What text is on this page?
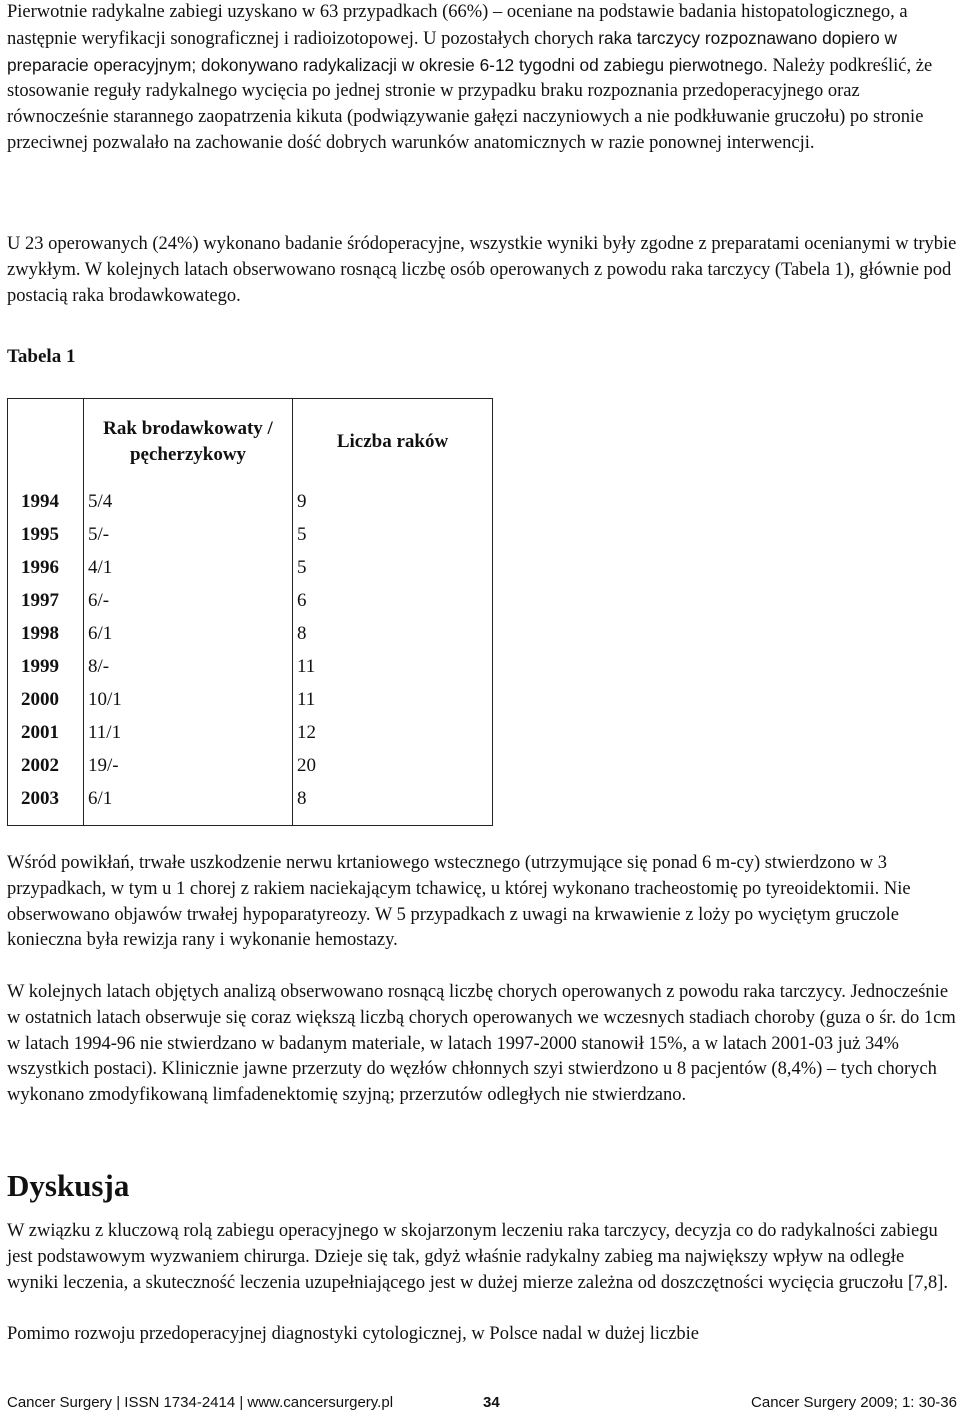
Pierwotnie radykalne zabiegi uzyskano w 63 przypadkach (66%) – oceniane na podstawie badania histopatologicznego, a następnie weryfikacji sonograficznej i radioizotopowej. U pozostałych chorych raka tarczycy rozpoznawano dopiero w preparacie operacyjnym; dokonywano radykalizacji w okresie 6-12 tygodni od zabiegu pierwotnego. Należy podkreślić, że stosowanie reguły radykalnego wycięcia po jednej stronie w przypadku braku rozpoznania przedoperacyjnego oraz równocześnie starannego zaopatrzenia kikuta (podwiązywanie gałęzi naczyniowych a nie podkłuwanie gruczołu) po stronie przeciwnej pozwalało na zachowanie dość dobrych warunków anatomicznych w razie ponownej interwencji.

U 23 operowanych (24%) wykonano badanie śródoperacyjne, wszystkie wyniki były zgodne z preparatami ocenianymi w trybie zwykłym. W kolejnych latach obserwowano rosnącą liczbę osób operowanych z powodu raka tarczycy (Tabela 1), głównie pod postacią raka brodawkowatego.

Tabela 1
	Rak brodawkowaty / pęcherzykowy	Liczba raków
1994	5/4	9
1995	5/-	5
1996	4/1	5
1997	6/-	6
1998	6/1	8
1999	8/-	11
2000	10/1	11
2001	11/1	12
2002	19/-	20
2003	6/1	8

Wśród powikłań, trwałe uszkodzenie nerwu krtaniowego wstecznego (utrzymujące się ponad 6 m-cy) stwierdzono w 3 przypadkach, w tym u 1 chorej z rakiem naciekającym tchawicę, u której wykonano tracheostomię po tyreoidektomii. Nie obserwowano objawów trwałej hypoparatyreozy. W 5 przypadkach z uwagi na krwawienie z loży po wyciętym gruczole konieczna była rewizja rany i wykonanie hemostazy.

W kolejnych latach objętych analizą obserwowano rosnącą liczbę chorych operowanych z powodu raka tarczycy. Jednocześnie w ostatnich latach obserwuje się coraz większą liczbą chorych operowanych we wczesnych stadiach choroby (guza o śr. do 1cm w latach 1994-96 nie stwierdzano w badanym materiale, w latach 1997-2000 stanowił 15%, a w latach 2001-03 już 34% wszystkich postaci). Klinicznie jawne przerzuty do węzłów chłonnych szyi stwierdzono u 8 pacjentów (8,4%) – tych chorych wykonano zmodyfikowaną limfadenektomię szyjną; przerzutów odległych nie stwierdzano.

Dyskusja

W związku z kluczową rolą zabiegu operacyjnego w skojarzonym leczeniu raka tarczycy, decyzja co do radykalności zabiegu jest podstawowym wyzwaniem chirurga. Dzieje się tak, gdyż właśnie radykalny zabieg ma największy wpływ na odległe wyniki leczenia, a skuteczność leczenia uzupełniającego jest w dużej mierze zależna od doszczętności wycięcia gruczołu [7,8].

Pomimo rozwoju przedoperacyjnej diagnostyki cytologicznej, w Polsce nadal w dużej liczbie

Cancer Surgery | ISSN 1734-2414 | www.cancersurgery.pl	34	Cancer Surgery 2009; 1: 30-36
